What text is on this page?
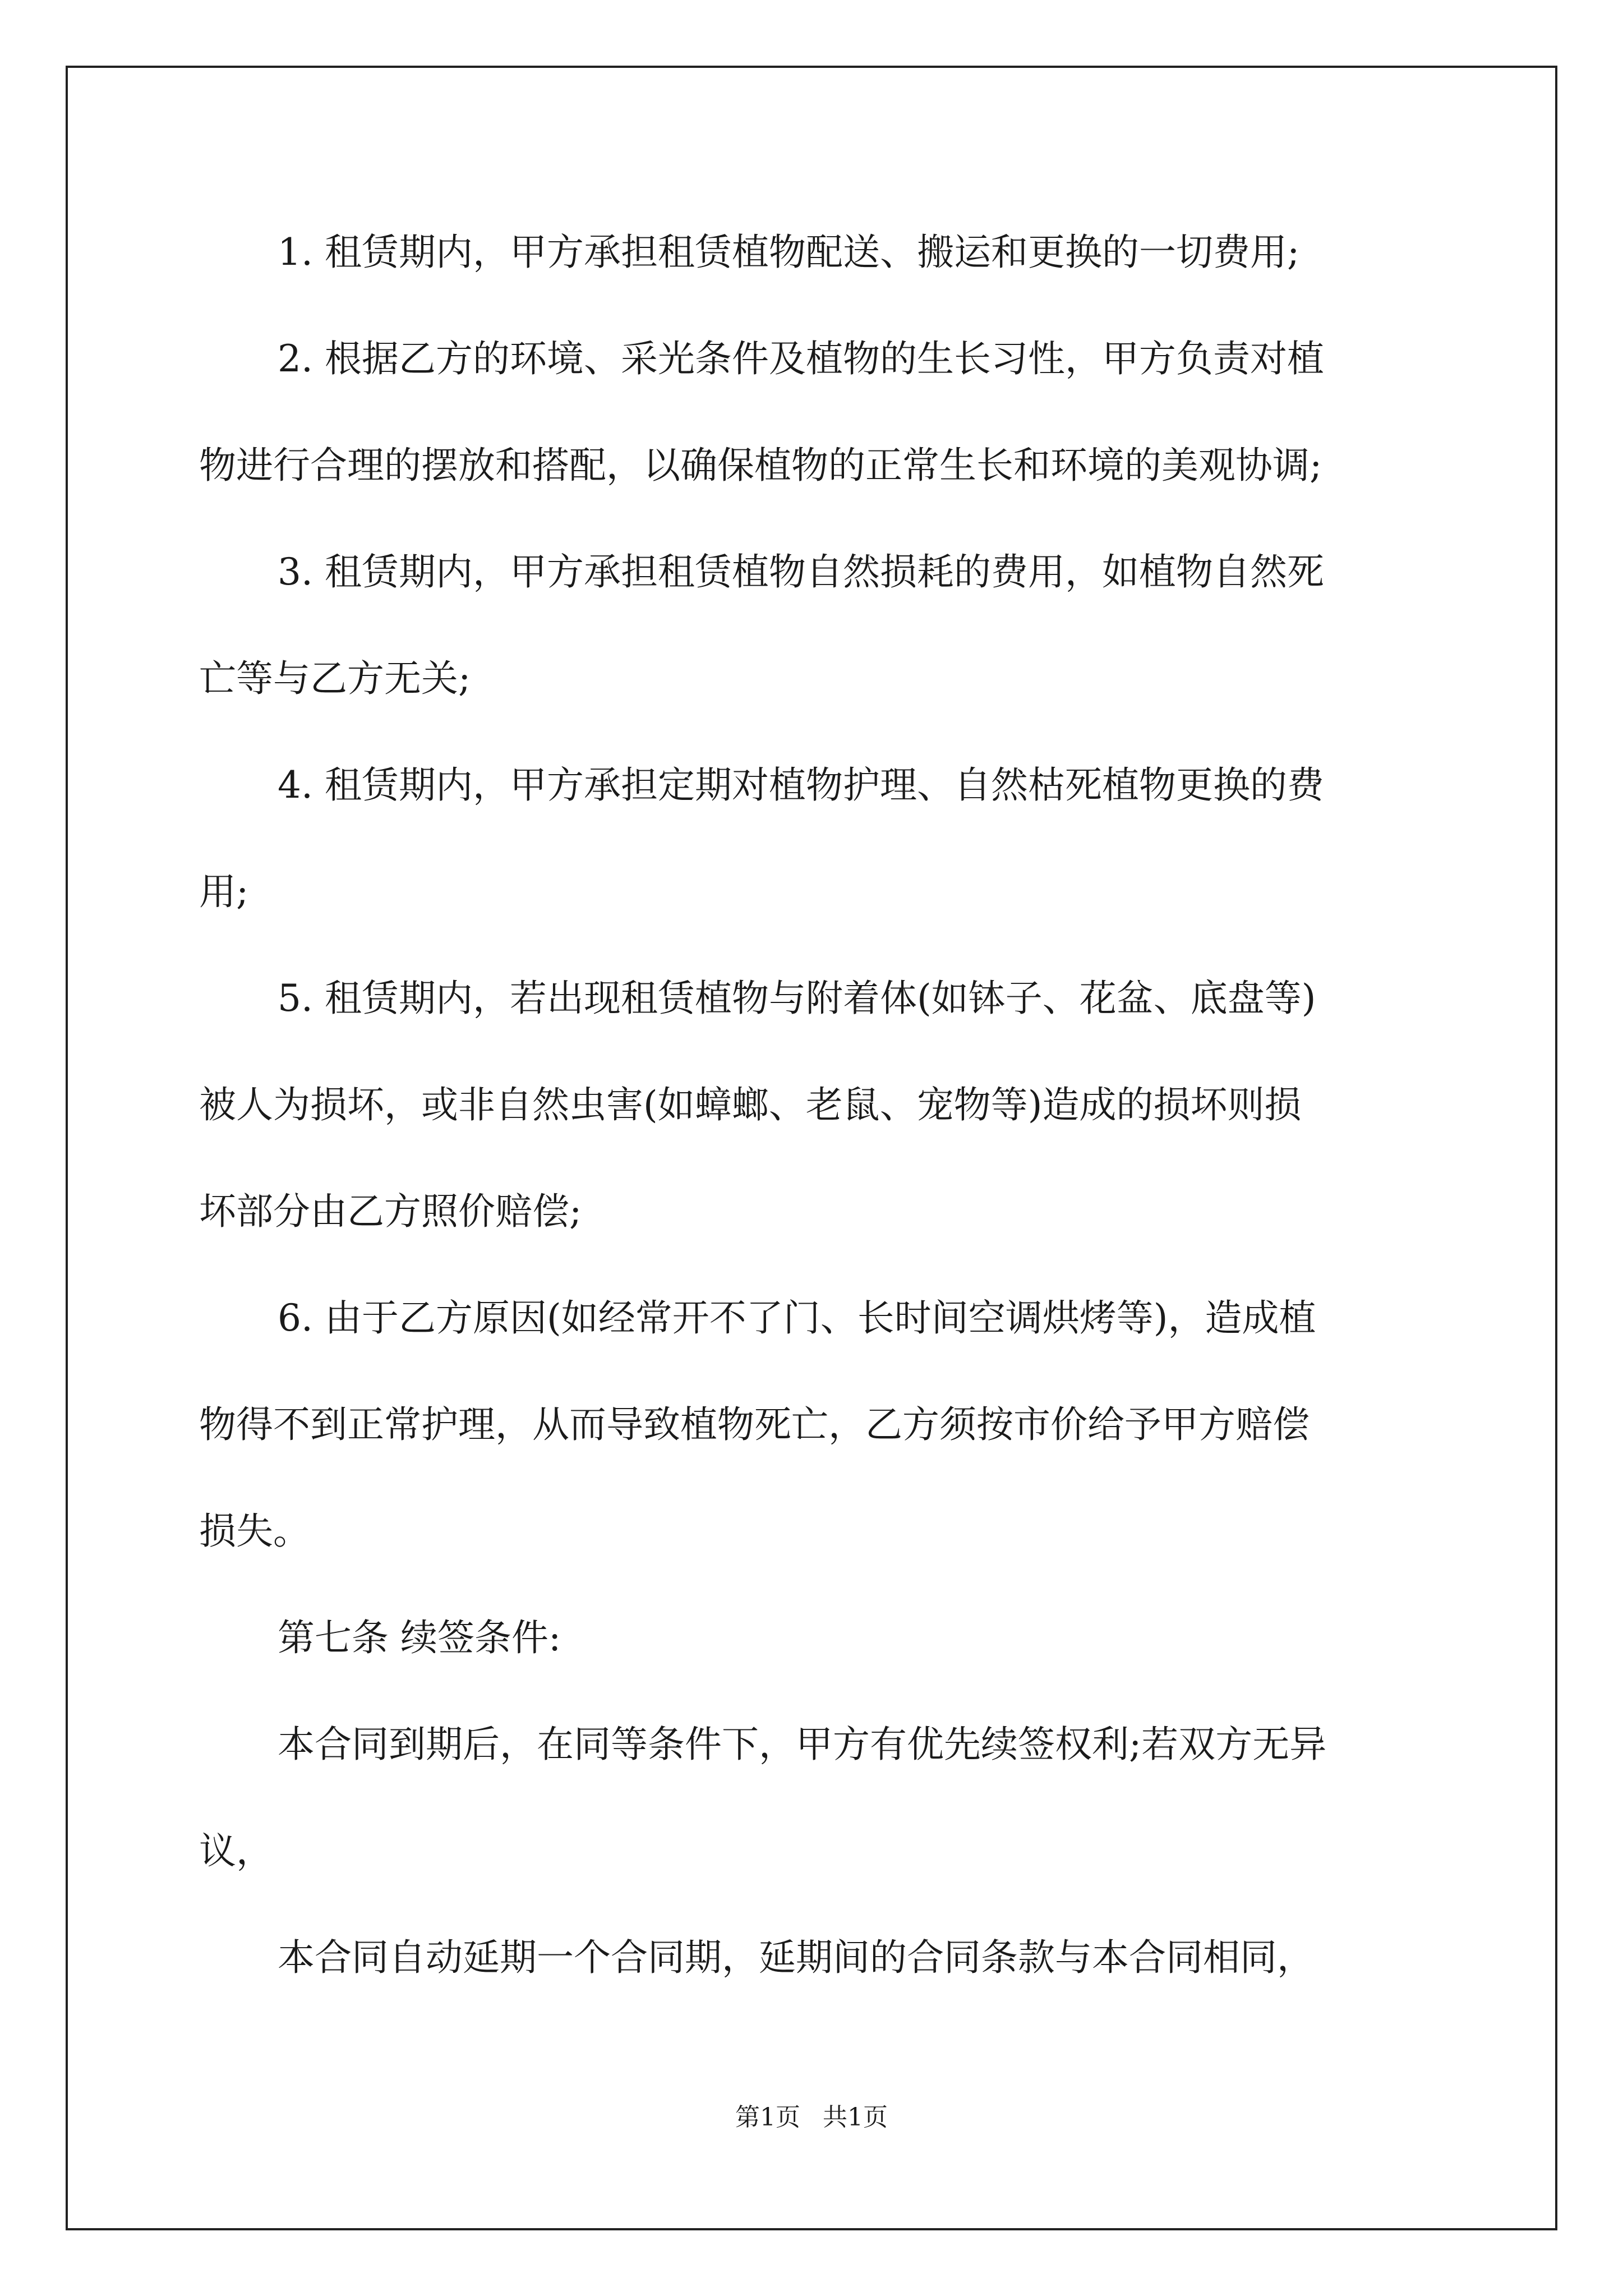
1. 租赁期内，甲方承担租赁植物配送、搬运和更换的一切费用;
2. 根据乙方的环境、采光条件及植物的生长习性，甲方负责对植
物进行合理的摆放和搭配，以确保植物的正常生长和环境的美观协调;
3. 租赁期内，甲方承担租赁植物自然损耗的费用，如植物自然死
亡等与乙方无关;
4. 租赁期内，甲方承担定期对植物护理、自然枯死植物更换的费
用;
5. 租赁期内，若出现租赁植物与附着体(如钵子、花盆、底盘等)
被人为损坏，或非自然虫害(如蟑螂、老鼠、宠物等)造成的损坏则损
坏部分由乙方照价赔偿;
6. 由于乙方原因(如经常开不了门、长时间空调烘烤等)，造成植
物得不到正常护理，从而导致植物死亡，乙方须按市价给予甲方赔偿
损失。
第七条 续签条件:
本合同到期后，在同等条件下，甲方有优先续签权利;若双方无异
议，
本合同自动延期一个合同期，延期间的合同条款与本合同相同，
第1页 共1页
